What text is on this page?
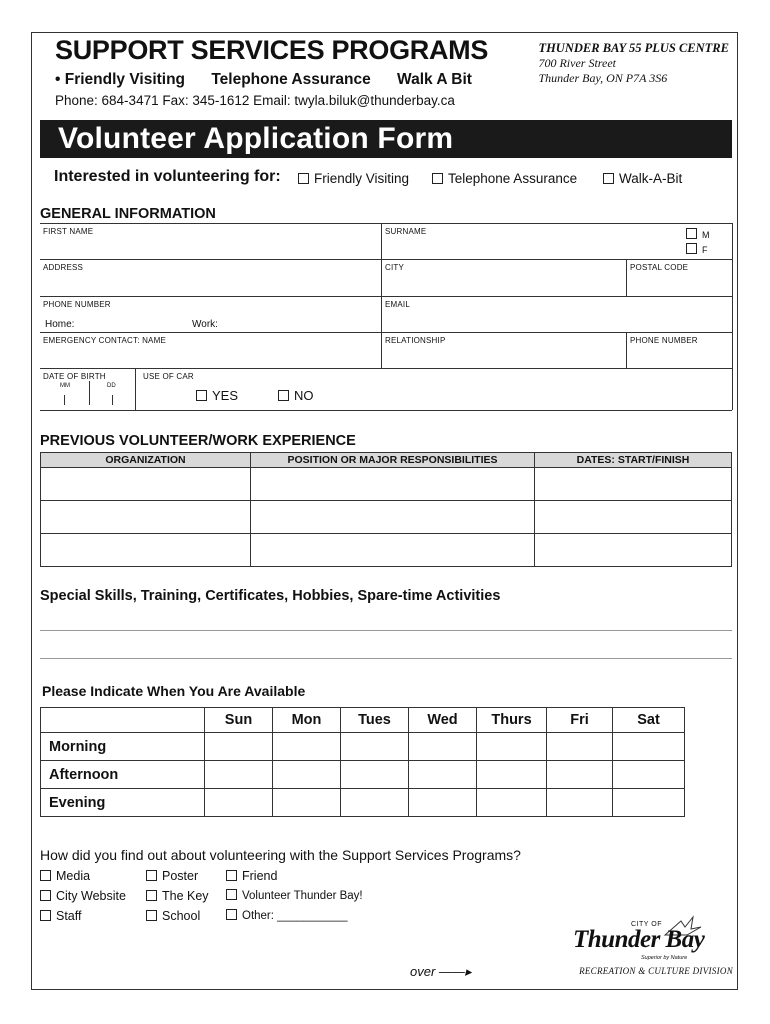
SUPPORT SERVICES PROGRAMS
• Friendly Visiting Telephone Assurance Walk A Bit
Phone: 684-3471 Fax: 345-1612 Email: twyla.biluk@thunderbay.ca
THUNDER BAY 55 PLUS CENTRE
700 River Street
Thunder Bay, ON P7A 3S6
Volunteer Application Form
Interested in volunteering for:	Friendly Visiting	Telephone Assurance	Walk-A-Bit
GENERAL INFORMATION
FIRST NAME	SURNAME	M
F
ADDRESS	CITY	POSTAL CODE
PHONE NUMBER	EMAIL
Home:	Work:
EMERGENCY CONTACT: NAME	RELATIONSHIP	PHONE NUMBER
DATE OF BIRTH
MM	DD
USE OF CAR
YES	NO
PREVIOUS VOLUNTEER/WORK EXPERIENCE
ORGANIZATION	POSITION OR MAJOR RESPONSIBILITIES	DATES: START/FINISH

Special Skills, Training, Certificates, Hobbies, Spare-time Activities
Please Indicate When You Are Available
	Sun	Mon	Tues	Wed	Thurs	Fri	Sat
Morning							
Afternoon							
Evening							
How did you find out about volunteering with the Support Services Programs?
Media
City Website
Staff
Poster
The Key
School
Friend
Volunteer Thunder Bay!
Other: ___________
over ——▸
CITY OF
Thunder Bay
Superior by Nature
RECREATION & CULTURE DIVISION
